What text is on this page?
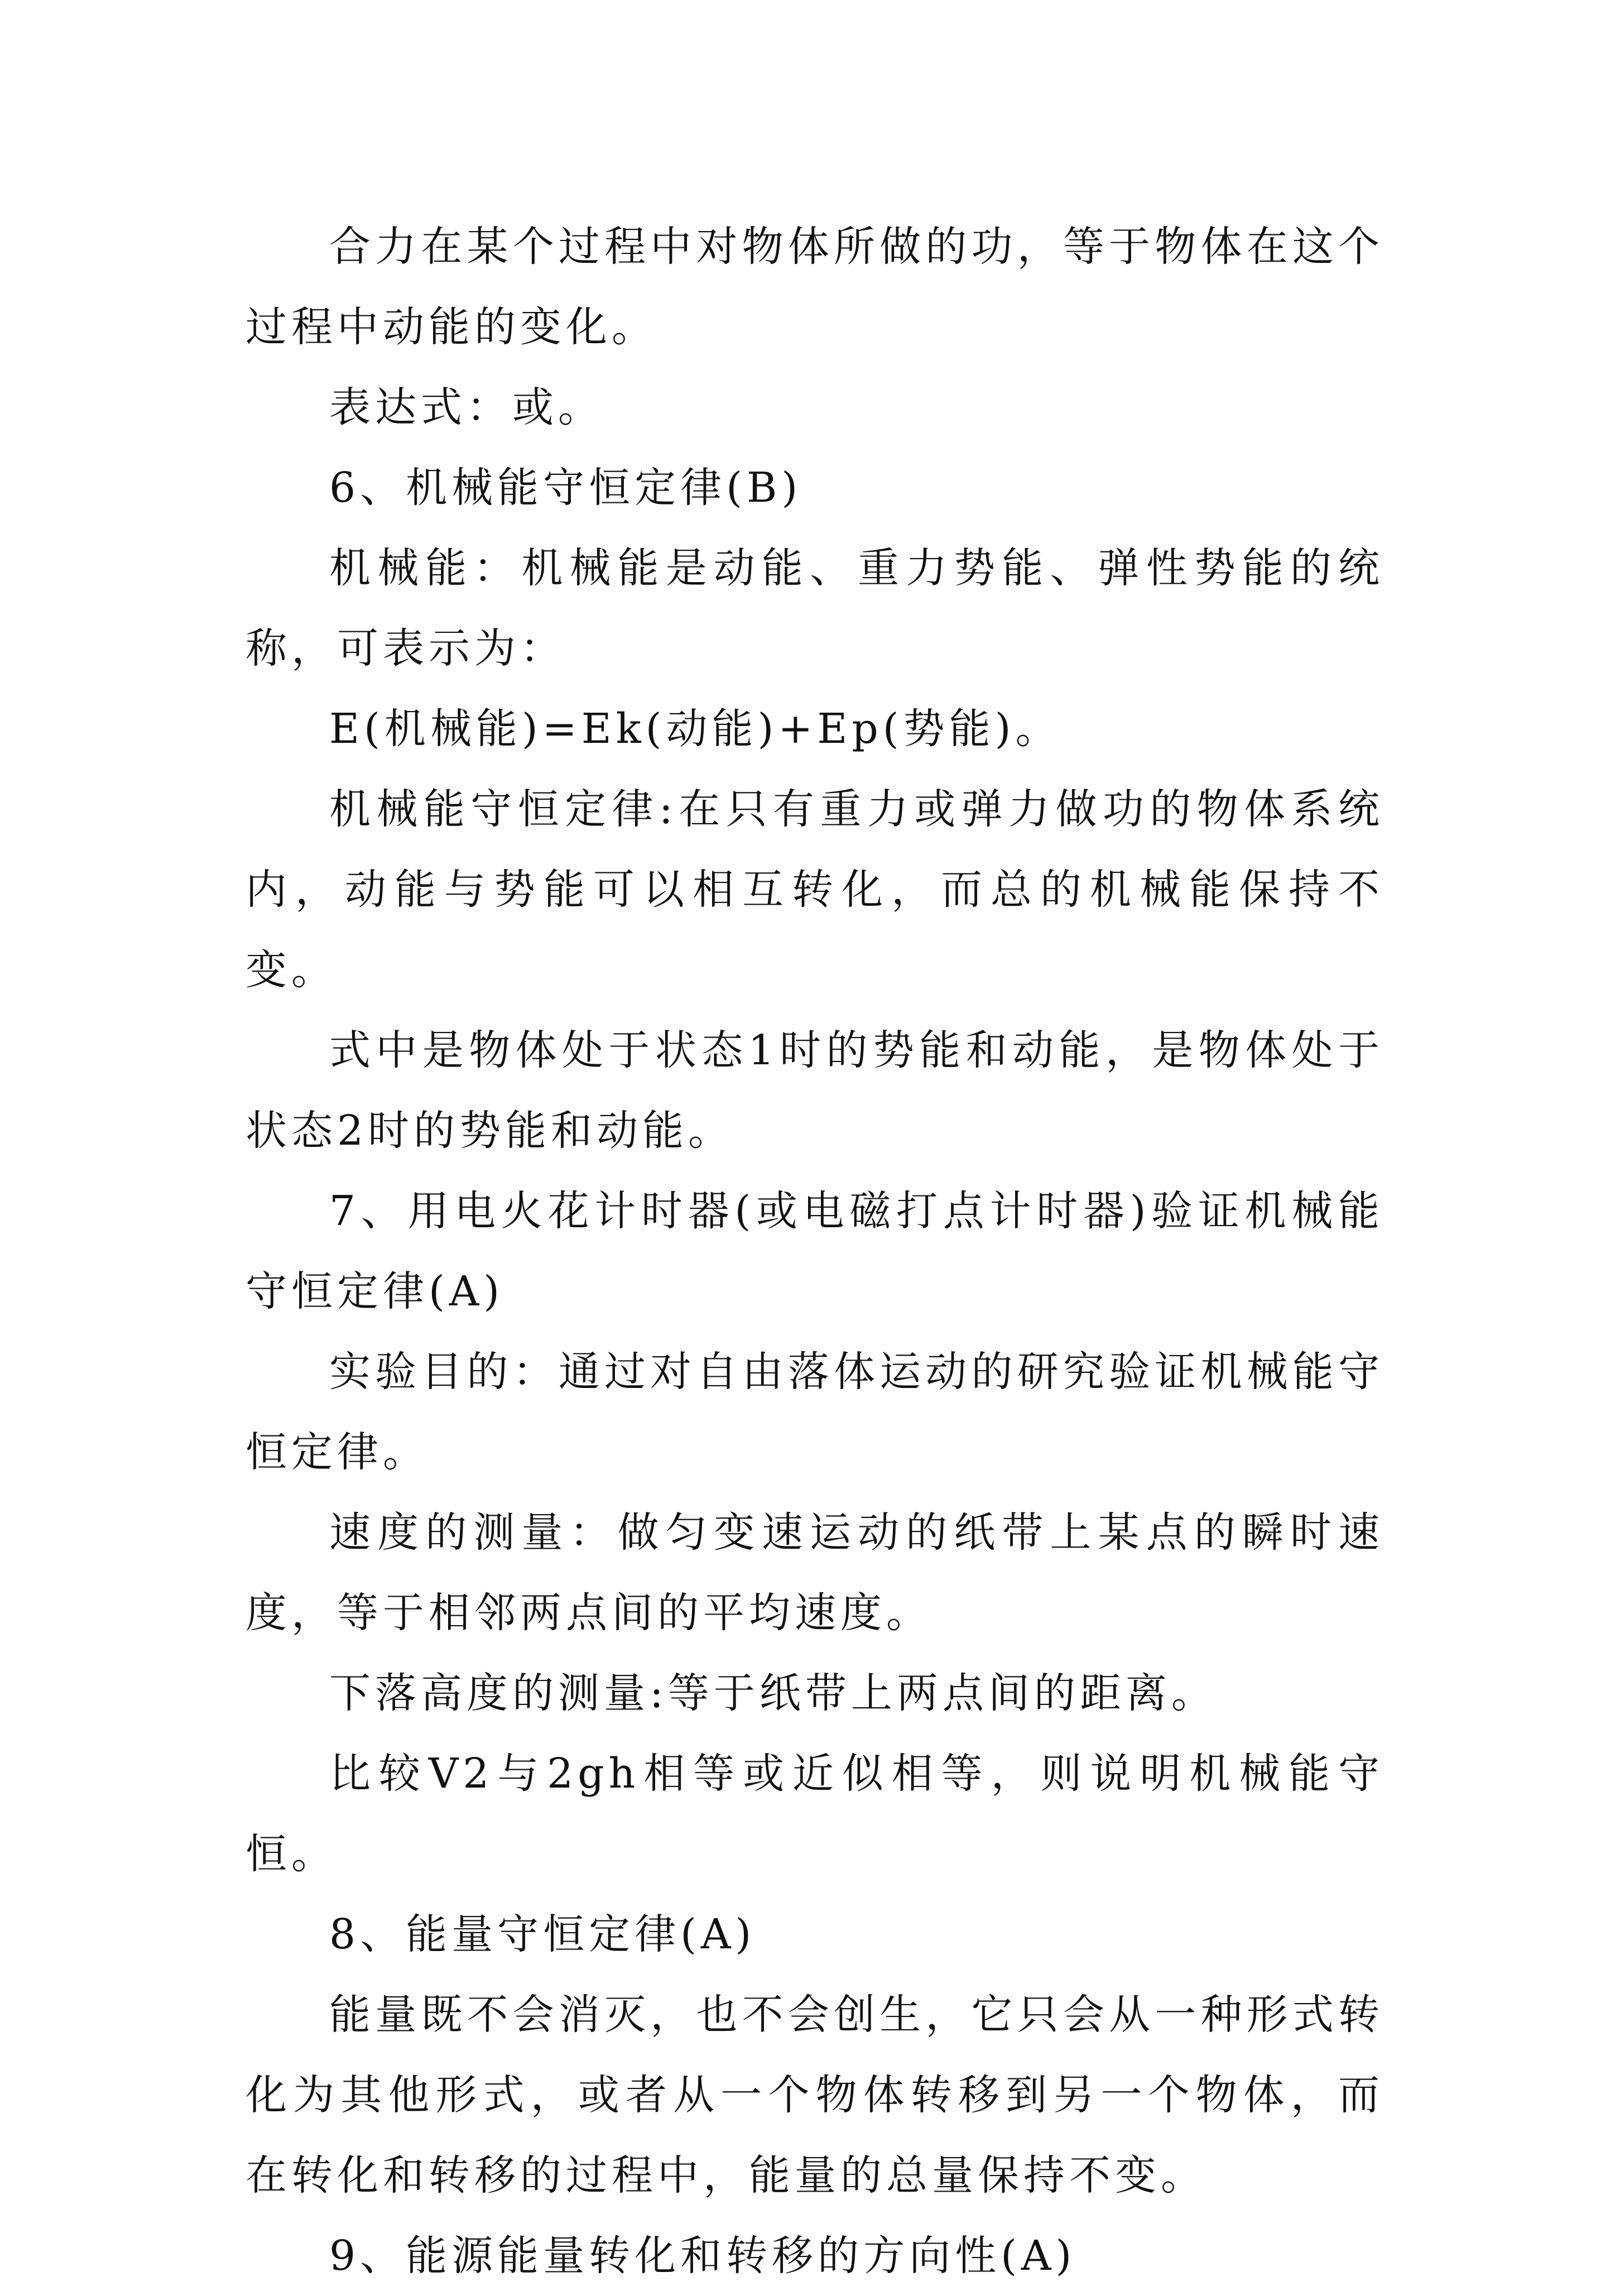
合力在某个过程中对物体所做的功，等于物体在这个过程中动能的变化。

表达式：或。

6、机械能守恒定律(B)

机械能：机械能是动能、重力势能、弹性势能的统称，可表示为：

E(机械能)=Ek(动能)+Ep(势能)。

机械能守恒定律:在只有重力或弹力做功的物体系统内，动能与势能可以相互转化，而总的机械能保持不变。

式中是物体处于状态1时的势能和动能，是物体处于状态2时的势能和动能。

7、用电火花计时器(或电磁打点计时器)验证机械能守恒定律(A)

实验目的：通过对自由落体运动的研究验证机械能守恒定律。

速度的测量：做匀变速运动的纸带上某点的瞬时速度，等于相邻两点间的平均速度。

下落高度的测量:等于纸带上两点间的距离。

比较V2与2gh相等或近似相等，则说明机械能守恒。

8、能量守恒定律(A)

能量既不会消灭，也不会创生，它只会从一种形式转化为其他形式，或者从一个物体转移到另一个物体，而在转化和转移的过程中，能量的总量保持不变。

9、能源能量转化和转移的方向性(A)
